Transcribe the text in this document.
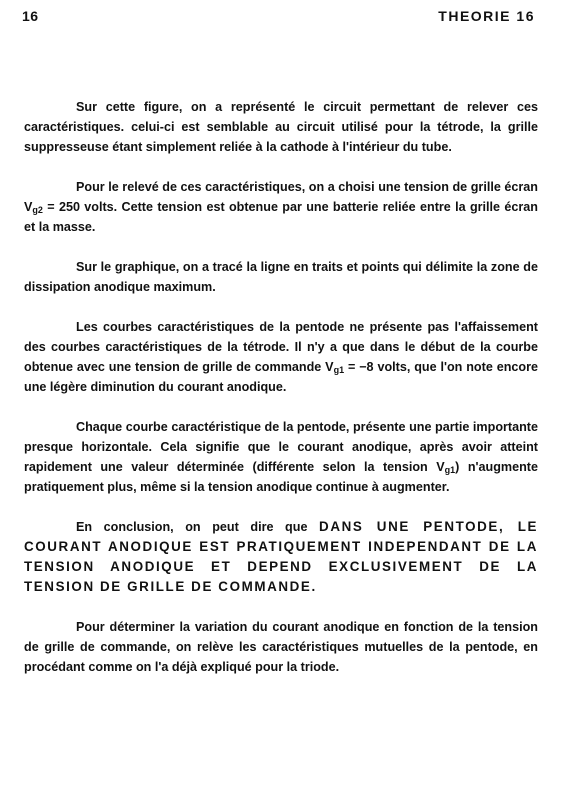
16	THEORIE 16

Sur cette figure, on a représenté le circuit permettant de relever ces caractéristiques. celui-ci est semblable au circuit utilisé pour la tétrode, la grille suppresseuse étant simplement reliée à la cathode à l'intérieur du tube.

Pour le relevé de ces caractéristiques, on a choisi une tension de grille écran $V_{g2} = 250$ volts. Cette tension est obtenue par une batterie reliée entre la grille écran et la masse.

Sur le graphique, on a tracé la ligne en traits et points qui délimite la zone de dissipation anodique maximum.

Les courbes caractéristiques de la pentode ne présente pas l'affaissement des courbes caractéristiques de la tétrode. Il n'y a que dans le début de la courbe obtenue avec une tension de grille de commande $V_{g1} = -8$ volts, que l'on note encore une légère diminution du courant anodique.

Chaque courbe caractéristique de la pentode, présente une partie importante presque horizontale. Cela signifie que le courant anodique, après avoir atteint rapidement une valeur déterminée (différente selon la tension $V_{g1}$) n'augmente pratiquement plus, même si la tension anodique continue à augmenter.

En conclusion, on peut dire que DANS UNE PENTODE, LE COURANT ANODIQUE EST PRATIQUEMENT INDEPENDANT DE LA TENSION ANODIQUE ET DEPEND EXCLUSIVEMENT DE LA TENSION DE GRILLE DE COMMANDE.

Pour déterminer la variation du courant anodique en fonction de la tension de grille de commande, on relève les caractéristiques mutuelles de la pentode, en procédant comme on l'a déjà expliqué pour la triode.
